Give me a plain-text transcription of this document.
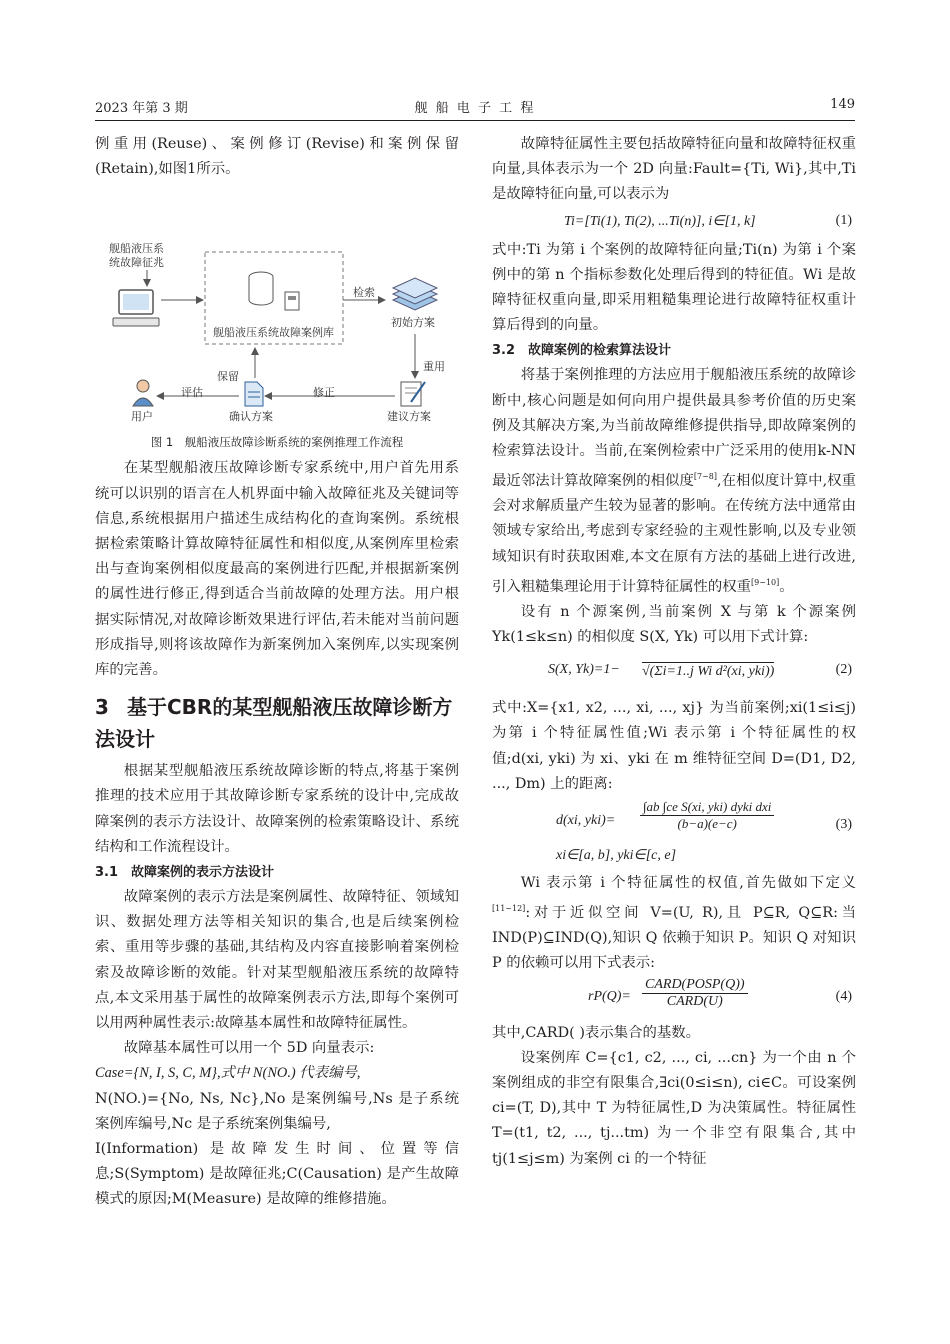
2023 年第 3 期	舰 船 电 子 工 程	149

例重用(Reuse)、案例修订(Revise)和案例保留(Retain),如图1所示。

舰船液压系
统故障征兆
舰船液压系统故障案例库
检索
初始方案
重用
保留
用户
评估
确认方案
修正
建议方案
图 1　舰船液压故障诊断系统的案例推理工作流程

在某型舰船液压故障诊断专家系统中,用户首先用系统可以识别的语言在人机界面中输入故障征兆及关键词等信息,系统根据用户描述生成结构化的查询案例。系统根据检索策略计算故障特征属性和相似度,从案例库里检索出与查询案例相似度最高的案例进行匹配,并根据新案例的属性进行修正,得到适合当前故障的处理方法。用户根据实际情况,对故障诊断效果进行评估,若未能对当前问题形成指导,则将该故障作为新案例加入案例库,以实现案例库的完善。

3 基于CBR的某型舰船液压故障诊断方法设计

根据某型舰船液压系统故障诊断的特点,将基于案例推理的技术应用于其故障诊断专家系统的设计中,完成故障案例的表示方法设计、故障案例的检索策略设计、系统结构和工作流程设计。

3.1　故障案例的表示方法设计

故障案例的表示方法是案例属性、故障特征、领域知识、数据处理方法等相关知识的集合,也是后续案例检索、重用等步骤的基础,其结构及内容直接影响着案例检索及故障诊断的效能。针对某型舰船液压系统的故障特点,本文采用基于属性的故障案例表示方法,即每个案例可以用两种属性表示:故障基本属性和故障特征属性。

故障基本属性可以用一个 5D 向量表示:

Case={N, I, S, C, M},式中 N(NO.) 代表编号,

N(NO.)={No, Ns, Nc},No 是案例编号,Ns 是子系统案例库编号,Nc 是子系统案例集编号,

I(Information) 是故障发生时间、位置等信息;S(Symptom) 是故障征兆;C(Causation) 是产生故障模式的原因;M(Measure) 是故障的维修措施。

故障特征属性主要包括故障特征向量和故障特征权重向量,具体表示为一个 2D 向量:Fault={Ti, Wi},其中,Ti 是故障特征向量,可以表示为

Ti=[Ti(1), Ti(2), ...Ti(n)], i∈[1, k]	(1)

式中:Ti 为第 i 个案例的故障特征向量;Ti(n) 为第 i 个案例中的第 n 个指标参数化处理后得到的特征值。Wi 是故障特征权重向量,即采用粗糙集理论进行故障特征权重计算后得到的向量。

3.2　故障案例的检索算法设计

将基于案例推理的方法应用于舰船液压系统的故障诊断中,核心问题是如何向用户提供最具参考价值的历史案例及其解决方案,为当前故障维修提供指导,即故障案例的检索算法设计。当前,在案例检索中广泛采用的使用k-NN最近邻法计算故障案例的相似度[7~8],在相似度计算中,权重会对求解质量产生较为显著的影响。在传统方法中通常由领域专家给出,考虑到专家经验的主观性影响,以及专业领域知识有时获取困难,本文在原有方法的基础上进行改进,引入粗糙集理论用于计算特征属性的权重[9~10]。

设有 n 个源案例,当前案例 X 与第 k 个源案例 Yk(1≤k≤n) 的相似度 S(X, Yk) 可以用下式计算:

S(X, Yk)=1− √(Σi=1..j Wi d²(xi, yki))	(2)

式中:X={x1, x2, ..., xi, ..., xj} 为当前案例;xi(1≤i≤j) 为第 i 个特征属性值;Wi 表示第 i 个特征属性的权值;d(xi, yki) 为 xi、yki 在 m 维特征空间 D=(D1, D2, ..., Dm) 上的距离:

d(xi, yki)=
∫ab ∫ce S(xi, yki) dyki dxi
(b−a)(e−c)
xi∈[a, b], yki∈[c, e]
(3)

Wi 表示第 i 个特征属性的权值,首先做如下定义[11~12]:对于近似空间 V=(U, R),且 P⊆R, Q⊆R:当 IND(P)⊆IND(Q),知识 Q 依赖于知识 P。知识 Q 对知识 P 的依赖可以用下式表示:

rP(Q)=
CARD(POSP(Q))
CARD(U)	(4)

其中,CARD( )表示集合的基数。

设案例库 C={c1, c2, ..., ci, ...cn} 为一个由 n 个案例组成的非空有限集合,∃ci(0≤i≤n), ci∈C。可设案例 ci=(T, D),其中 T 为特征属性,D 为决策属性。特征属性 T=(t1, t2, ..., tj...tm) 为一个非空有限集合,其中 tj(1≤j≤m) 为案例 ci 的一个特征
